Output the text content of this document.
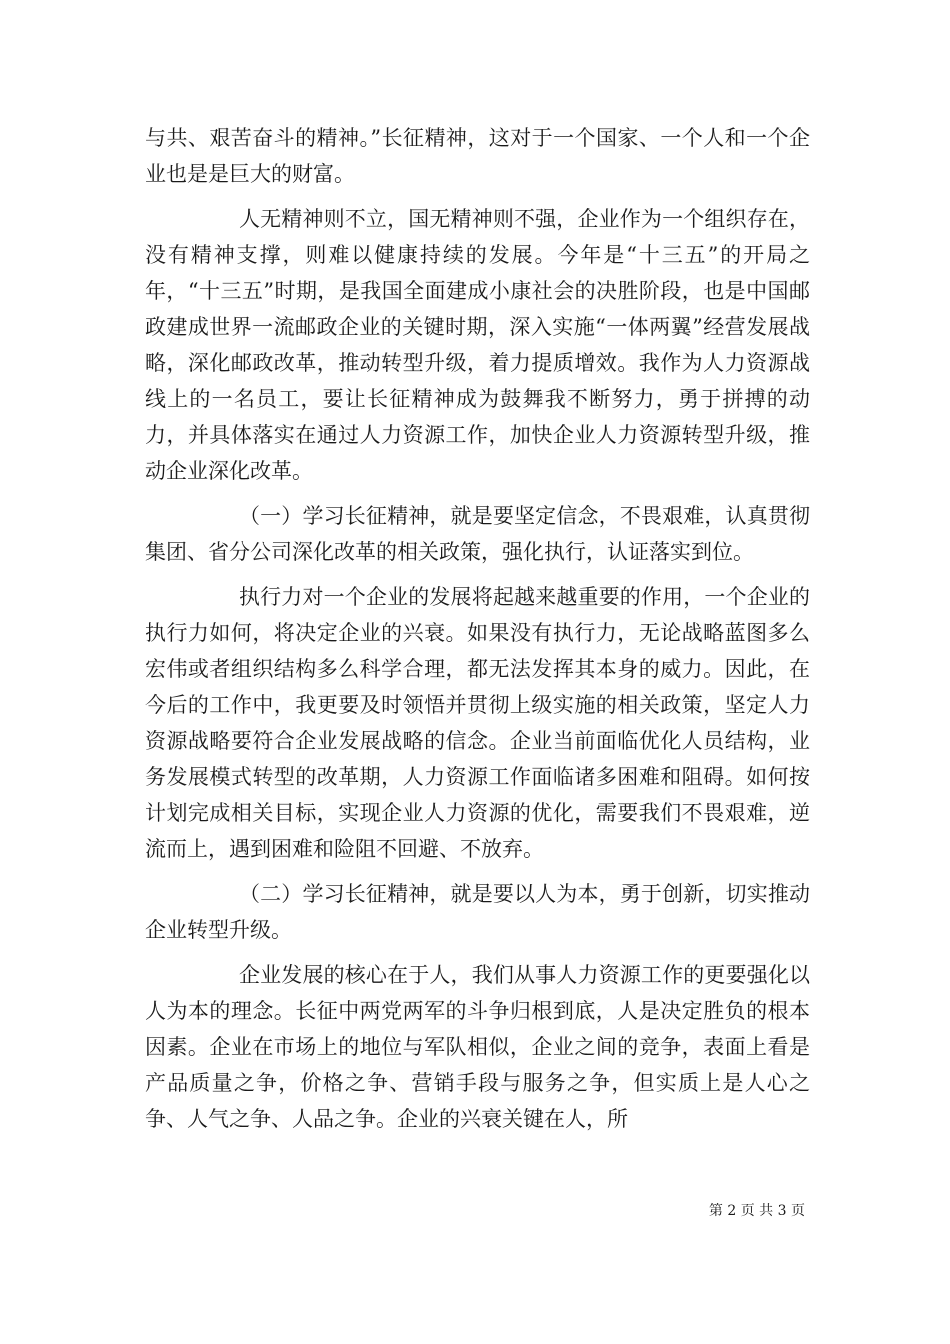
与共、艰苦奋斗的精神。”长征精神，这对于一个国家、一个人和一个企业也是是巨大的财富。

人无精神则不立，国无精神则不强，企业作为一个组织存在，没有精神支撑，则难以健康持续的发展。今年是“十三五”的开局之年，“十三五”时期，是我国全面建成小康社会的决胜阶段，也是中国邮政建成世界一流邮政企业的关键时期，深入实施“一体两翼”经营发展战略，深化邮政改革，推动转型升级，着力提质增效。我作为人力资源战线上的一名员工，要让长征精神成为鼓舞我不断努力，勇于拼搏的动力，并具体落实在通过人力资源工作，加快企业人力资源转型升级，推动企业深化改革。

（一）学习长征精神，就是要坚定信念，不畏艰难，认真贯彻集团、省分公司深化改革的相关政策，强化执行，认证落实到位。

执行力对一个企业的发展将起越来越重要的作用，一个企业的执行力如何，将决定企业的兴衰。如果没有执行力，无论战略蓝图多么宏伟或者组织结构多么科学合理，都无法发挥其本身的威力。因此，在今后的工作中，我更要及时领悟并贯彻上级实施的相关政策，坚定人力资源战略要符合企业发展战略的信念。企业当前面临优化人员结构，业务发展模式转型的改革期，人力资源工作面临诸多困难和阻碍。如何按计划完成相关目标，实现企业人力资源的优化，需要我们不畏艰难，逆流而上，遇到困难和险阻不回避、不放弃。

（二）学习长征精神，就是要以人为本，勇于创新，切实推动企业转型升级。

企业发展的核心在于人，我们从事人力资源工作的更要强化以人为本的理念。长征中两党两军的斗争归根到底，人是决定胜负的根本因素。企业在市场上的地位与军队相似，企业之间的竞争，表面上看是产品质量之争，价格之争、营销手段与服务之争，但实质上是人心之争、人气之争、人品之争。企业的兴衰关键在人，所

第 2 页 共 3 页
